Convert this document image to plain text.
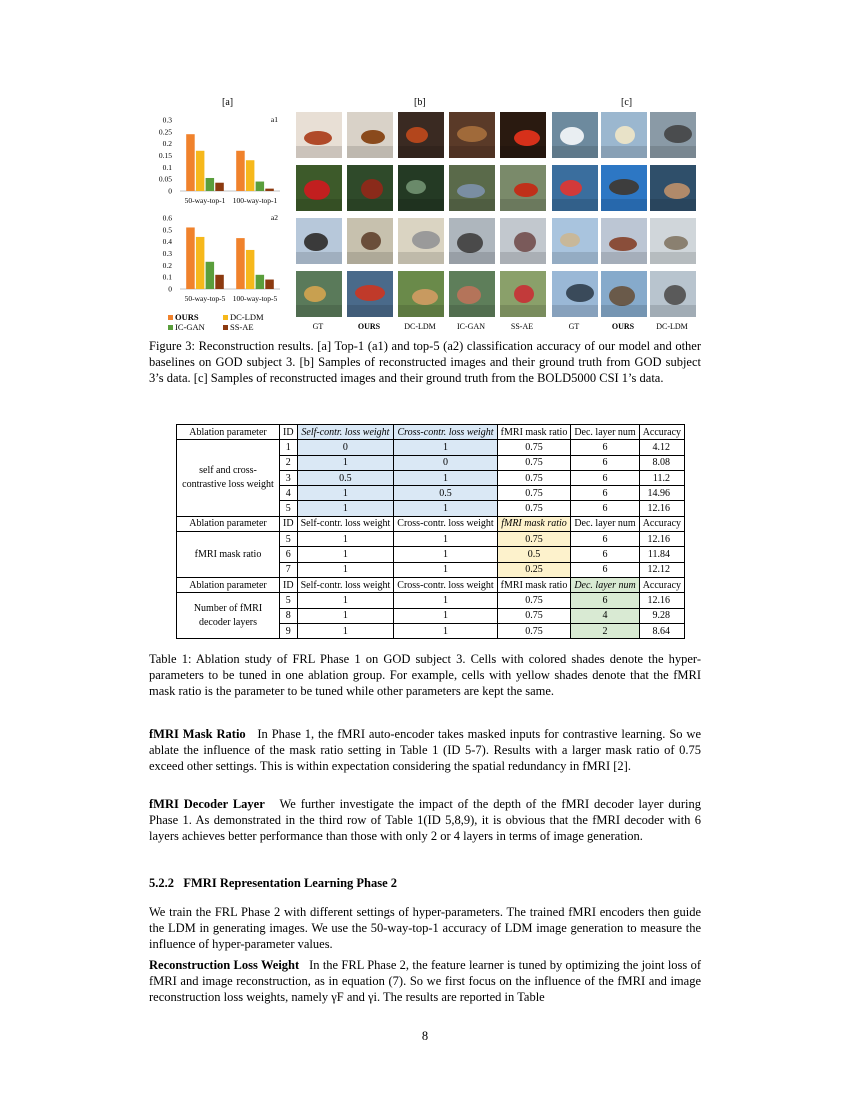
[a]	[b]	[c]
0
0.05
0.1
0.15
0.2
0.25
0.3
50-way-top-1 100-way-top-1
a1
0
0.1
0.2
0.3
0.4
0.5
0.6
50-way-top-5 100-way-top-5
a2
OURS	DC-LDM
IC-GAN	SS-AE	GT	OURS	DC-LDM	IC-GAN	SS-AE	GT	OURS	DC-LDM
Figure 3: Reconstruction results. [a] Top-1 (a1) and top-5 (a2) classification accuracy of our model and other baselines on GOD subject 3. [b] Samples of reconstructed images and their ground truth from GOD subject 3’s data. [c] Samples of reconstructed images and their ground truth from the BOLD5000 CSI 1’s data.
Ablation parameter	ID	Self-contr. loss weight	Cross-contr. loss weight	fMRI mask ratio	Dec. layer num	Accuracy
self and cross-contrastive loss weight	1	0	1	0.75	6	4.12
	2	1	0	0.75	6	8.08
	3	0.5	1	0.75	6	11.2
	4	1	0.5	0.75	6	14.96
	5	1	1	0.75	6	12.16
Ablation parameter	ID	Self-contr. loss weight	Cross-contr. loss weight	fMRI mask ratio	Dec. layer num	Accuracy
fMRI mask ratio	5	1	1	0.75	6	12.16
	6	1	1	0.5	6	11.84
	7	1	1	0.25	6	12.12
Ablation parameter	ID	Self-contr. loss weight	Cross-contr. loss weight	fMRI mask ratio	Dec. layer num	Accuracy
Number of fMRI decoder layers	5	1	1	0.75	6	12.16
	8	1	1	0.75	4	9.28
	9	1	1	0.75	2	8.64
Table 1: Ablation study of FRL Phase 1 on GOD subject 3. Cells with colored shades denote the hyper-parameters to be tuned in one ablation group. For example, cells with yellow shades denote that the fMRI mask ratio is the parameter to be tuned while other parameters are kept the same.
fMRI Mask Ratio In Phase 1, the fMRI auto-encoder takes masked inputs for contrastive learning. So we ablate the influence of the mask ratio setting in Table 1 (ID 5-7). Results with a larger mask ratio of 0.75 exceed other settings. This is within expectation considering the spatial redundancy in fMRI [2].
fMRI Decoder Layer We further investigate the impact of the depth of the fMRI decoder layer during Phase 1. As demonstrated in the third row of Table 1(ID 5,8,9), it is obvious that the fMRI decoder with 6 layers achieves better performance than those with only 2 or 4 layers in terms of image generation.
5.2.2   FMRI Representation Learning Phase 2
We train the FRL Phase 2 with different settings of hyper-parameters. The trained fMRI encoders then guide the LDM in generating images. We use the 50-way-top-1 accuracy of LDM image generation to measure the influence of hyper-parameter values.
Reconstruction Loss Weight In the FRL Phase 2, the feature learner is tuned by optimizing the joint loss of fMRI and image reconstruction, as in equation (7). So we first focus on the influence of the fMRI and image reconstruction loss weights, namely γF and γi. The results are reported in Table
8
